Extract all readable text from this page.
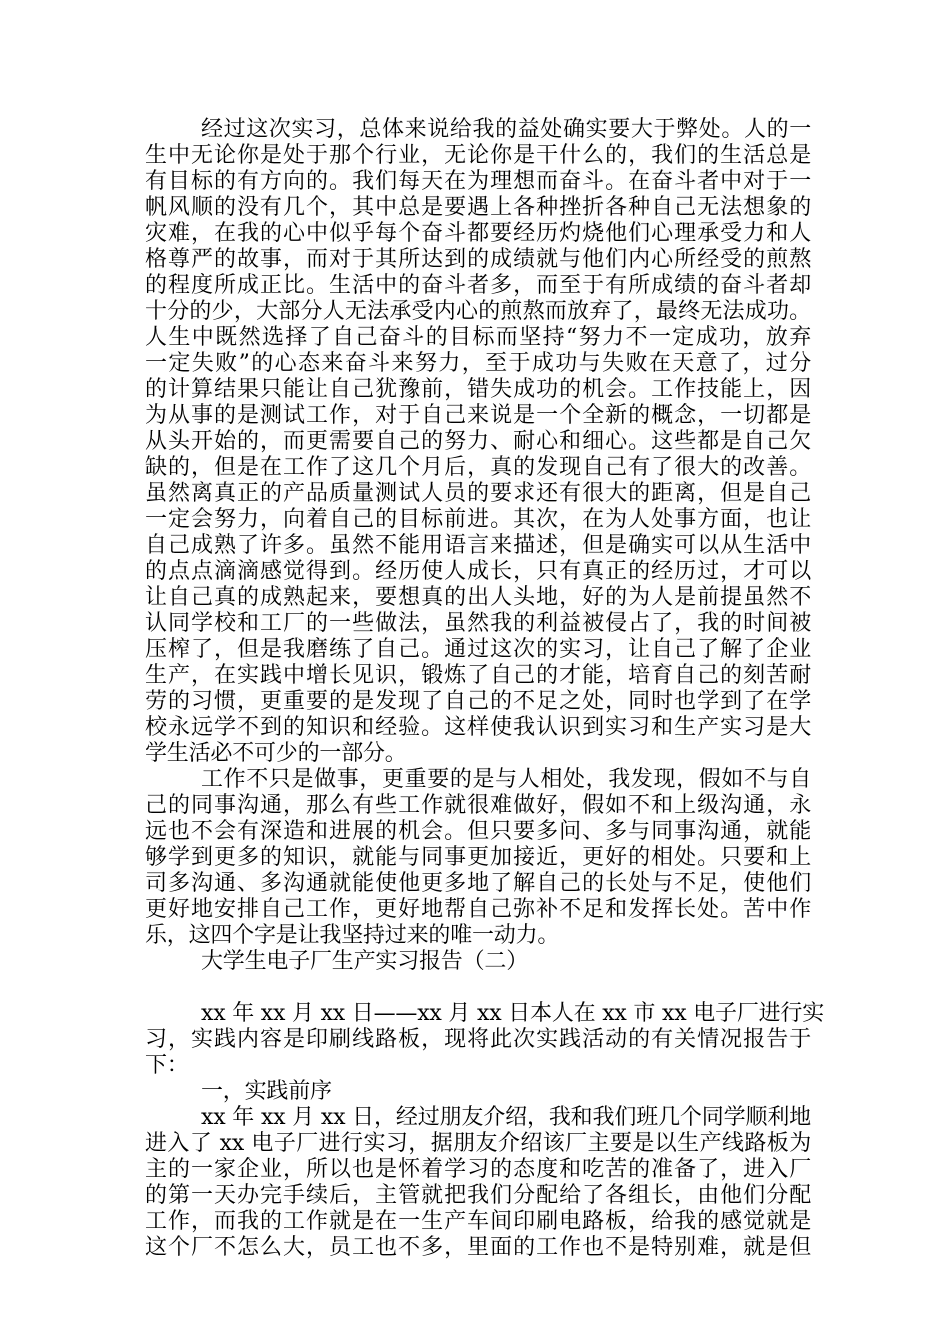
经过这次实习，总体来说给我的益处确实要大于弊处。人的一
生中无论你是处于那个行业，无论你是干什么的，我们的生活总是
有目标的有方向的。我们每天在为理想而奋斗。在奋斗者中对于一
帆风顺的没有几个，其中总是要遇上各种挫折各种自己无法想象的
灾难，在我的心中似乎每个奋斗都要经历灼烧他们心理承受力和人
格尊严的故事，而对于其所达到的成绩就与他们内心所经受的煎熬
的程度所成正比。生活中的奋斗者多，而至于有所成绩的奋斗者却
十分的少，大部分人无法承受内心的煎熬而放弃了，最终无法成功。
人生中既然选择了自己奋斗的目标而坚持“努力不一定成功，放弃
一定失败”的心态来奋斗来努力，至于成功与失败在天意了，过分
的计算结果只能让自己犹豫前，错失成功的机会。工作技能上，因
为从事的是测试工作，对于自己来说是一个全新的概念，一切都是
从头开始的，而更需要自己的努力、耐心和细心。这些都是自己欠
缺的，但是在工作了这几个月后，真的发现自己有了很大的改善。
虽然离真正的产品质量测试人员的要求还有很大的距离，但是自己
一定会努力，向着自己的目标前进。其次，在为人处事方面，也让
自己成熟了许多。虽然不能用语言来描述，但是确实可以从生活中
的点点滴滴感觉得到。经历使人成长，只有真正的经历过，才可以
让自己真的成熟起来，要想真的出人头地，好的为人是前提虽然不
认同学校和工厂的一些做法，虽然我的利益被侵占了，我的时间被
压榨了，但是我磨练了自己。通过这次的实习，让自己了解了企业
生产，在实践中增长见识，锻炼了自己的才能，培育自己的刻苦耐
劳的习惯，更重要的是发现了自己的不足之处，同时也学到了在学
校永远学不到的知识和经验。这样使我认识到实习和生产实习是大
学生活必不可少的一部分。
工作不只是做事，更重要的是与人相处，我发现，假如不与自
己的同事沟通，那么有些工作就很难做好，假如不和上级沟通，永
远也不会有深造和进展的机会。但只要多问、多与同事沟通，就能
够学到更多的知识，就能与同事更加接近，更好的相处。只要和上
司多沟通、多沟通就能使他更多地了解自己的长处与不足，使他们
更好地安排自己工作，更好地帮自己弥补不足和发挥长处。苦中作
乐，这四个字是让我坚持过来的唯一动力。
大学生电子厂生产实习报告（二）
xx 年 xx 月 xx 日——xx 月 xx 日本人在 xx 市 xx 电子厂进行实
习，实践内容是印刷线路板，现将此次实践活动的有关情况报告于
下：
一，实践前序
xx 年 xx 月 xx 日，经过朋友介绍，我和我们班几个同学顺利地
进入了 xx 电子厂进行实习，据朋友介绍该厂主要是以生产线路板为
主的一家企业，所以也是怀着学习的态度和吃苦的准备了，进入厂
的第一天办完手续后，主管就把我们分配给了各组长，由他们分配
工作，而我的工作就是在一生产车间印刷电路板，给我的感觉就是
这个厂不怎么大，员工也不多，里面的工作也不是特别难，就是但
